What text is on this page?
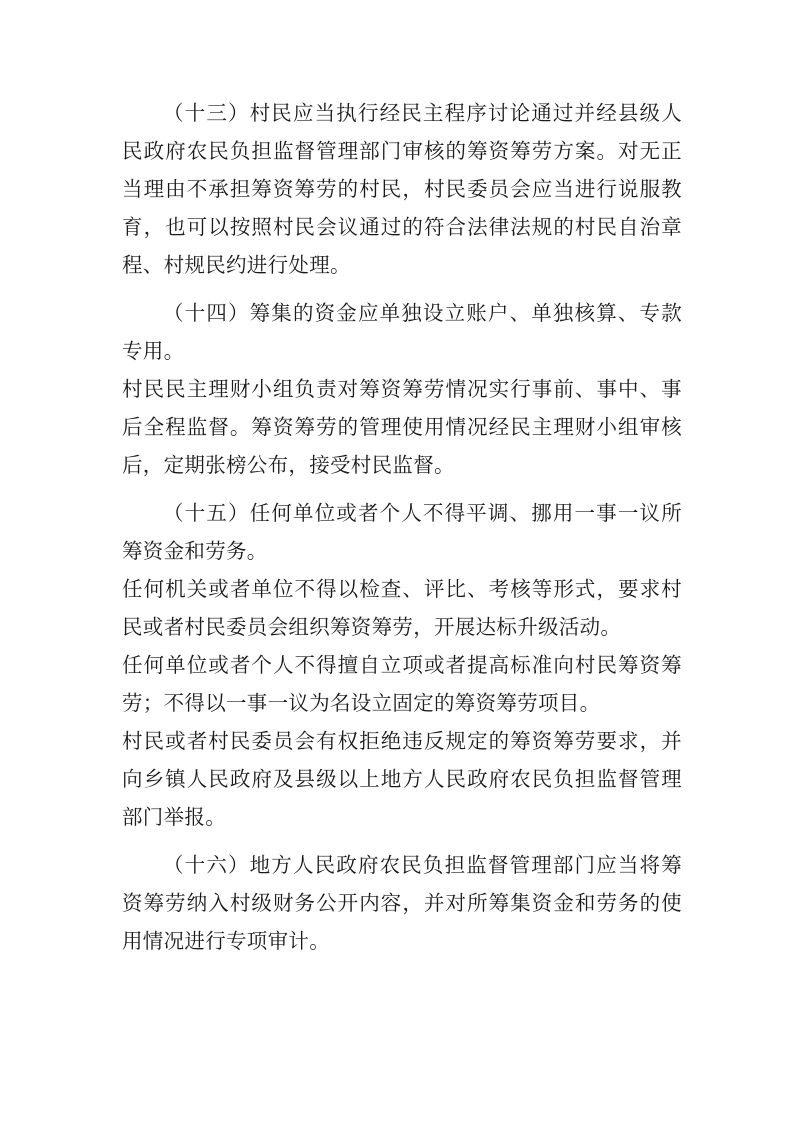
（十三）村民应当执行经民主程序讨论通过并经县级人民政府农民负担监督管理部门审核的筹资筹劳方案。对无正当理由不承担筹资筹劳的村民，村民委员会应当进行说服教育，也可以按照村民会议通过的符合法律法规的村民自治章程、村规民约进行处理。

（十四）筹集的资金应单独设立账户、单独核算、专款专用。

村民民主理财小组负责对筹资筹劳情况实行事前、事中、事后全程监督。筹资筹劳的管理使用情况经民主理财小组审核后，定期张榜公布，接受村民监督。

（十五）任何单位或者个人不得平调、挪用一事一议所筹资金和劳务。

任何机关或者单位不得以检查、评比、考核等形式，要求村民或者村民委员会组织筹资筹劳，开展达标升级活动。

任何单位或者个人不得擅自立项或者提高标准向村民筹资筹劳；不得以一事一议为名设立固定的筹资筹劳项目。

村民或者村民委员会有权拒绝违反规定的筹资筹劳要求，并向乡镇人民政府及县级以上地方人民政府农民负担监督管理部门举报。

（十六）地方人民政府农民负担监督管理部门应当将筹资筹劳纳入村级财务公开内容，并对所筹集资金和劳务的使用情况进行专项审计。
